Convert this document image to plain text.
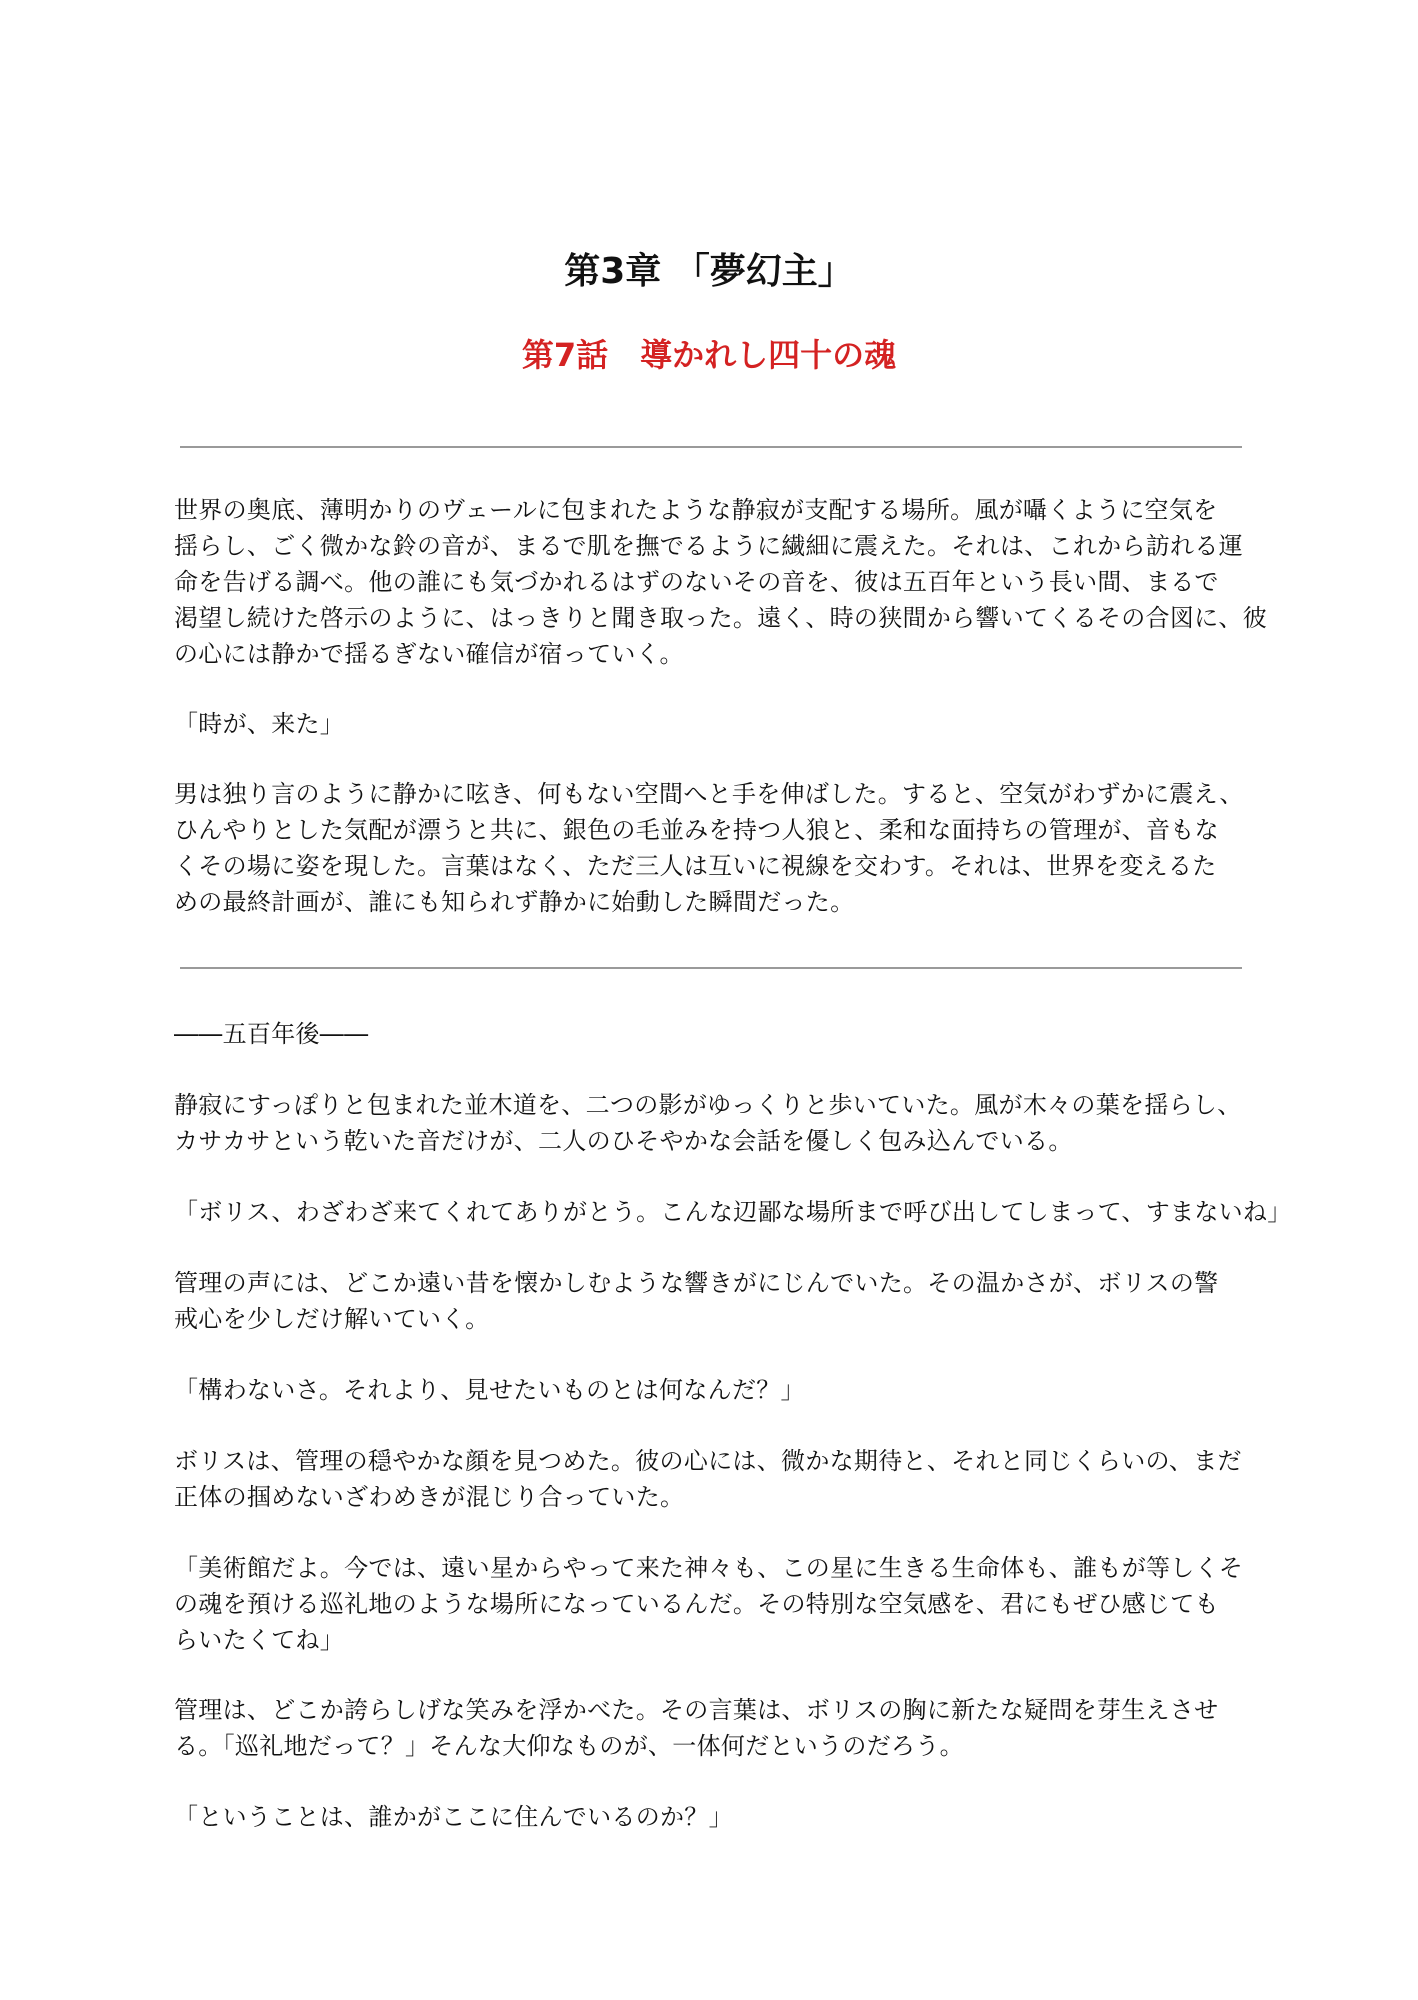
第3章 「夢幻主」
第7話　導かれし四十の魂

世界の奥底、薄明かりのヴェールに包まれたような静寂が支配する場所。風が囁くように空気を
揺らし、ごく微かな鈴の音が、まるで肌を撫でるように繊細に震えた。それは、これから訪れる運
命を告げる調べ。他の誰にも気づかれるはずのないその音を、彼は五百年という長い間、まるで
渇望し続けた啓示のように、はっきりと聞き取った。遠く、時の狭間から響いてくるその合図に、彼
の心には静かで揺るぎない確信が宿っていく。

「時が、来た」

男は独り言のように静かに呟き、何もない空間へと手を伸ばした。すると、空気がわずかに震え、
ひんやりとした気配が漂うと共に、銀色の毛並みを持つ人狼と、柔和な面持ちの管理が、音もな
くその場に姿を現した。言葉はなく、ただ三人は互いに視線を交わす。それは、世界を変えるた
めの最終計画が、誰にも知られず静かに始動した瞬間だった。

――五百年後――

静寂にすっぽりと包まれた並木道を、二つの影がゆっくりと歩いていた。風が木々の葉を揺らし、
カサカサという乾いた音だけが、二人のひそやかな会話を優しく包み込んでいる。

「ボリス、わざわざ来てくれてありがとう。こんな辺鄙な場所まで呼び出してしまって、すまないね」

管理の声には、どこか遠い昔を懐かしむような響きがにじんでいた。その温かさが、ボリスの警
戒心を少しだけ解いていく。

「構わないさ。それより、見せたいものとは何なんだ？」

ボリスは、管理の穏やかな顔を見つめた。彼の心には、微かな期待と、それと同じくらいの、まだ
正体の掴めないざわめきが混じり合っていた。

「美術館だよ。今では、遠い星からやって来た神々も、この星に生きる生命体も、誰もが等しくそ
の魂を預ける巡礼地のような場所になっているんだ。その特別な空気感を、君にもぜひ感じても
らいたくてね」

管理は、どこか誇らしげな笑みを浮かべた。その言葉は、ボリスの胸に新たな疑問を芽生えさせ
る。「巡礼地だって？」そんな大仰なものが、一体何だというのだろう。

「ということは、誰かがここに住んでいるのか？」
